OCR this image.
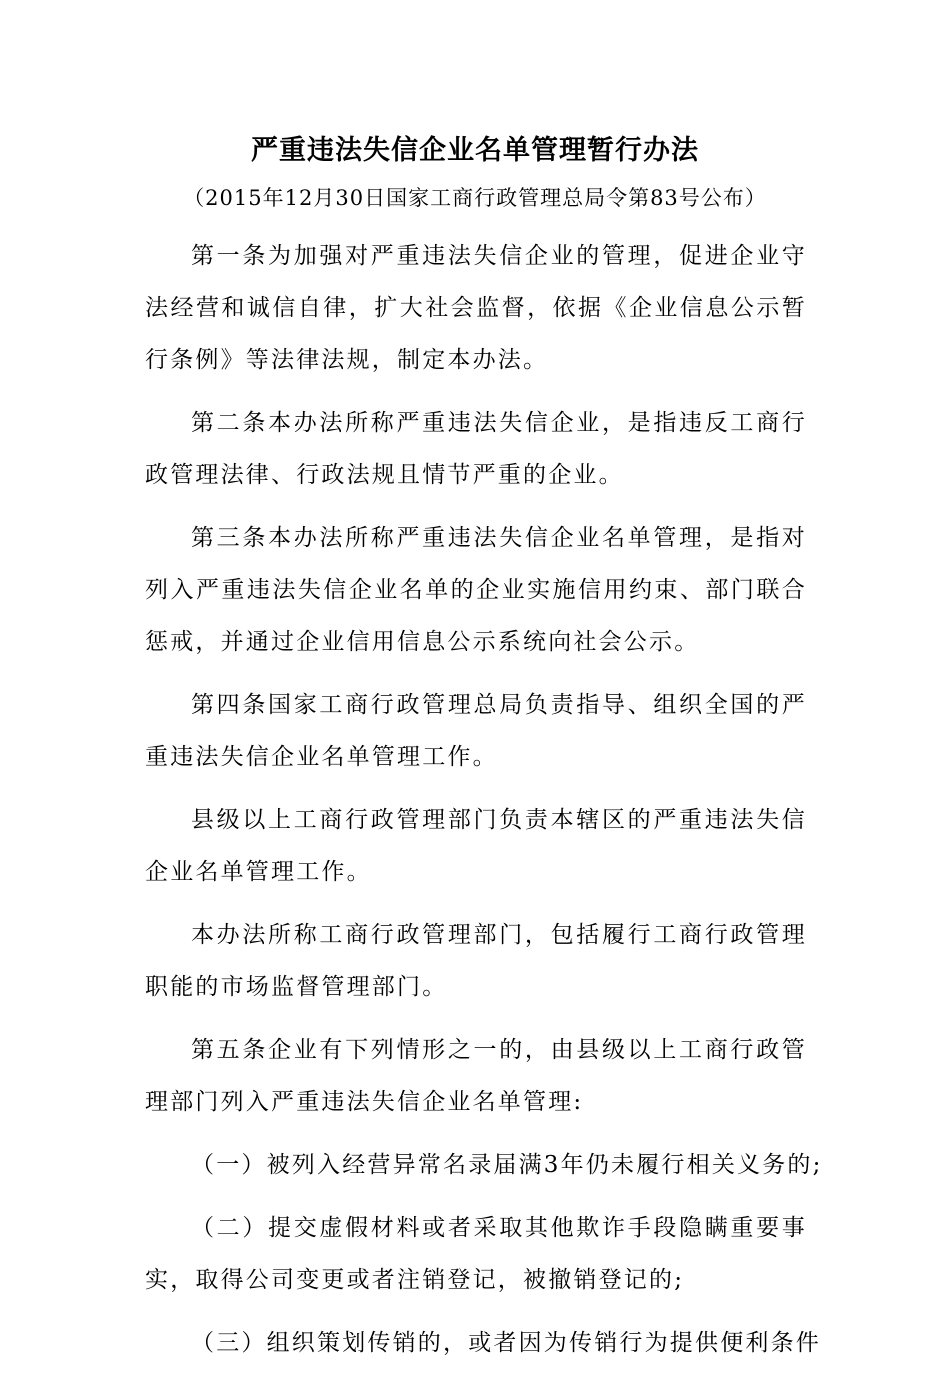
严重违法失信企业名单管理暂行办法
（2015年12月30日国家工商行政管理总局令第83号公布）

第一条为加强对严重违法失信企业的管理，促进企业守法经营和诚信自律，扩大社会监督，依据《企业信息公示暂行条例》等法律法规，制定本办法。

第二条本办法所称严重违法失信企业，是指违反工商行政管理法律、行政法规且情节严重的企业。

第三条本办法所称严重违法失信企业名单管理，是指对列入严重违法失信企业名单的企业实施信用约束、部门联合惩戒，并通过企业信用信息公示系统向社会公示。

第四条国家工商行政管理总局负责指导、组织全国的严重违法失信企业名单管理工作。

县级以上工商行政管理部门负责本辖区的严重违法失信企业名单管理工作。

本办法所称工商行政管理部门，包括履行工商行政管理职能的市场监督管理部门。

第五条企业有下列情形之一的，由县级以上工商行政管理部门列入严重违法失信企业名单管理:

（一）被列入经营异常名录届满3年仍未履行相关义务的;

（二）提交虚假材料或者采取其他欺诈手段隐瞒重要事实，取得公司变更或者注销登记，被撤销登记的;

（三）组织策划传销的，或者因为传销行为提供便利条件
